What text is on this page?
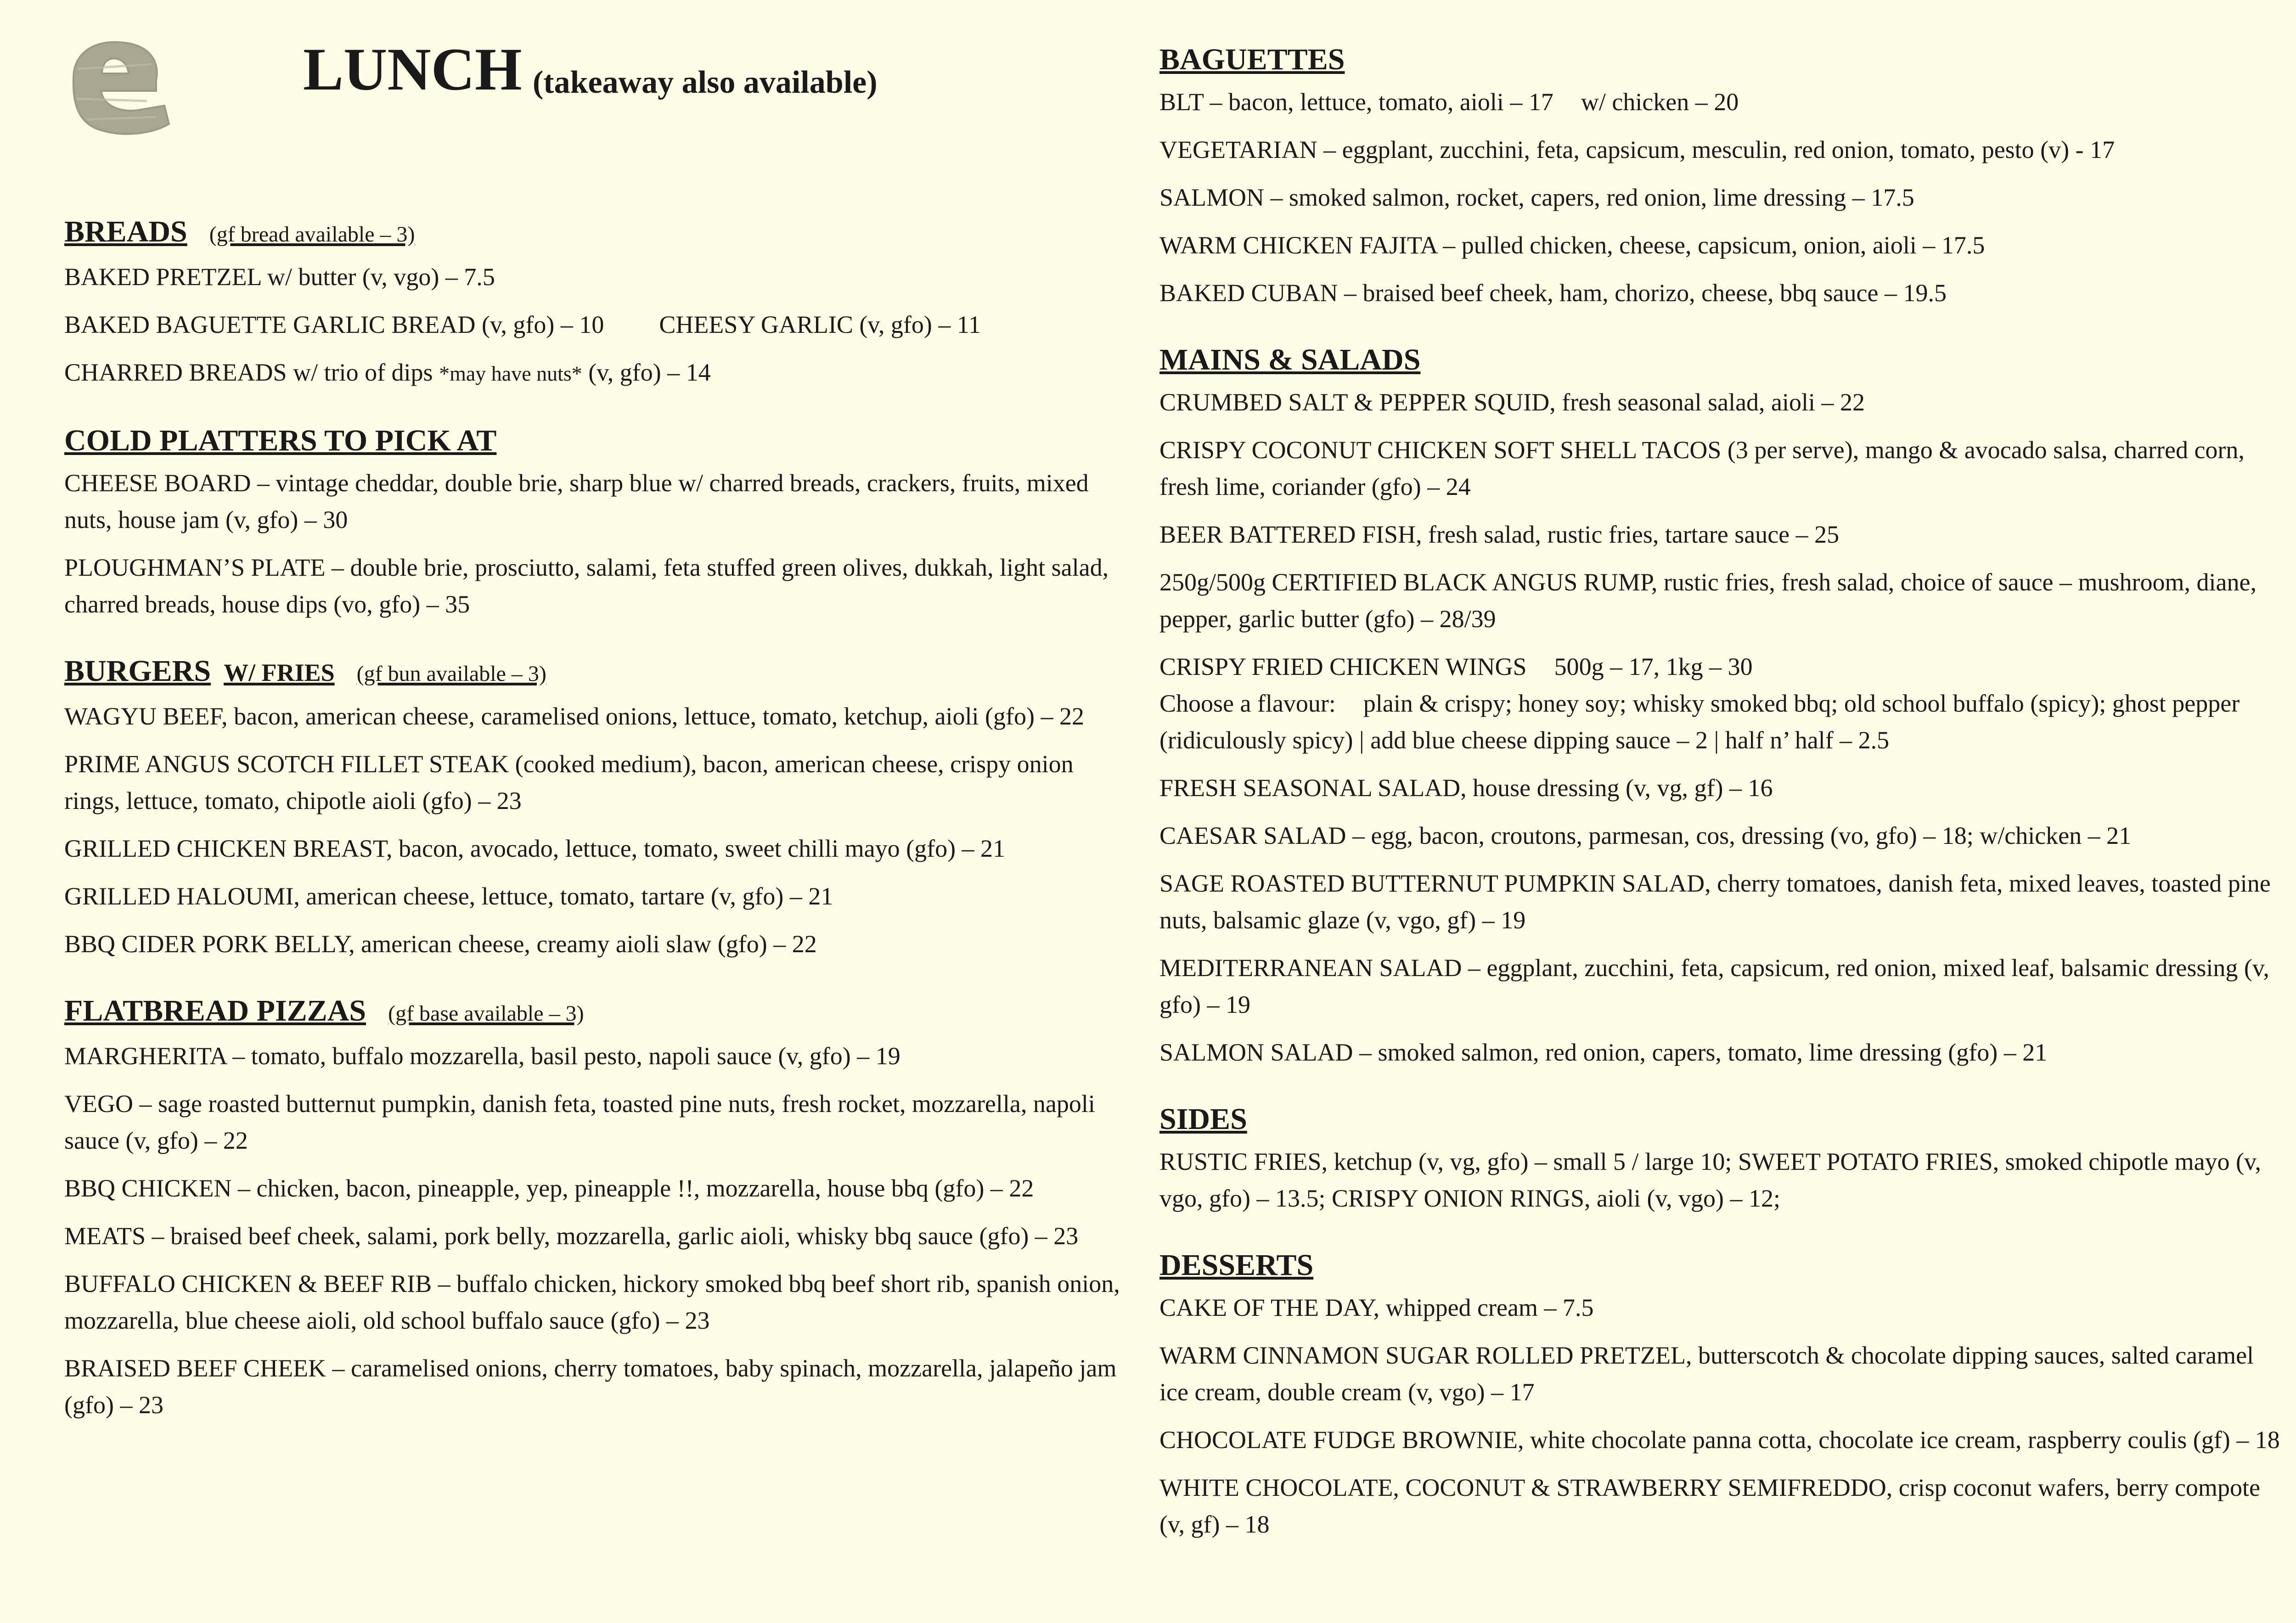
LUNCH (takeaway also available)
BREADS (gf bread available – 3)
BAKED PRETZEL w/ butter (v, vgo) – 7.5
BAKED BAGUETTE GARLIC BREAD (v, gfo) – 10 CHEESY GARLIC (v, gfo) – 11
CHARRED BREADS w/ trio of dips *may have nuts* (v, gfo) – 14
COLD PLATTERS TO PICK AT
CHEESE BOARD – vintage cheddar, double brie, sharp blue w/ charred breads, crackers, fruits, mixed nuts, house jam (v, gfo) – 30
PLOUGHMAN’S PLATE – double brie, prosciutto, salami, feta stuffed green olives, dukkah, light salad, charred breads, house dips (vo, gfo) – 35
BURGERS W/ FRIES (gf bun available – 3)
WAGYU BEEF, bacon, american cheese, caramelised onions, lettuce, tomato, ketchup, aioli (gfo) – 22
PRIME ANGUS SCOTCH FILLET STEAK (cooked medium), bacon, american cheese, crispy onion rings, lettuce, tomato, chipotle aioli (gfo) – 23
GRILLED CHICKEN BREAST, bacon, avocado, lettuce, tomato, sweet chilli mayo (gfo) – 21
GRILLED HALOUMI, american cheese, lettuce, tomato, tartare (v, gfo) – 21
BBQ CIDER PORK BELLY, american cheese, creamy aioli slaw (gfo) – 22
FLATBREAD PIZZAS (gf base available – 3)
MARGHERITA – tomato, buffalo mozzarella, basil pesto, napoli sauce (v, gfo) – 19
VEGO – sage roasted butternut pumpkin, danish feta, toasted pine nuts, fresh rocket, mozzarella, napoli sauce (v, gfo) – 22
BBQ CHICKEN – chicken, bacon, pineapple, yep, pineapple !!, mozzarella, house bbq (gfo) – 22
MEATS – braised beef cheek, salami, pork belly, mozzarella, garlic aioli, whisky bbq sauce (gfo) – 23
BUFFALO CHICKEN & BEEF RIB – buffalo chicken, hickory smoked bbq beef short rib, spanish onion, mozzarella, blue cheese aioli, old school buffalo sauce (gfo) – 23
BRAISED BEEF CHEEK – caramelised onions, cherry tomatoes, baby spinach, mozzarella, jalapeño jam (gfo) – 23
BAGUETTES
BLT – bacon, lettuce, tomato, aioli – 17 w/ chicken – 20
VEGETARIAN – eggplant, zucchini, feta, capsicum, mesculin, red onion, tomato, pesto (v) - 17
SALMON – smoked salmon, rocket, capers, red onion, lime dressing – 17.5
WARM CHICKEN FAJITA – pulled chicken, cheese, capsicum, onion, aioli – 17.5
BAKED CUBAN – braised beef cheek, ham, chorizo, cheese, bbq sauce – 19.5
MAINS & SALADS
CRUMBED SALT & PEPPER SQUID, fresh seasonal salad, aioli – 22
CRISPY COCONUT CHICKEN SOFT SHELL TACOS (3 per serve), mango & avocado salsa, charred corn, fresh lime, coriander (gfo) – 24
BEER BATTERED FISH, fresh salad, rustic fries, tartare sauce – 25
250g/500g CERTIFIED BLACK ANGUS RUMP, rustic fries, fresh salad, choice of sauce – mushroom, diane, pepper, garlic butter (gfo) – 28/39
CRISPY FRIED CHICKEN WINGS 500g – 17, 1kg – 30
Choose a flavour: plain & crispy; honey soy; whisky smoked bbq; old school buffalo (spicy); ghost pepper (ridiculously spicy) | add blue cheese dipping sauce – 2 | half n’ half – 2.5
FRESH SEASONAL SALAD, house dressing (v, vg, gf) – 16
CAESAR SALAD – egg, bacon, croutons, parmesan, cos, dressing (vo, gfo) – 18; w/chicken – 21
SAGE ROASTED BUTTERNUT PUMPKIN SALAD, cherry tomatoes, danish feta, mixed leaves, toasted pine nuts, balsamic glaze (v, vgo, gf) – 19
MEDITERRANEAN SALAD – eggplant, zucchini, feta, capsicum, red onion, mixed leaf, balsamic dressing (v, gfo) – 19
SALMON SALAD – smoked salmon, red onion, capers, tomato, lime dressing (gfo) – 21
SIDES
RUSTIC FRIES, ketchup (v, vg, gfo) – small 5 / large 10; SWEET POTATO FRIES, smoked chipotle mayo (v, vgo, gfo) – 13.5; CRISPY ONION RINGS, aioli (v, vgo) – 12;
DESSERTS
CAKE OF THE DAY, whipped cream – 7.5
WARM CINNAMON SUGAR ROLLED PRETZEL, butterscotch & chocolate dipping sauces, salted caramel ice cream, double cream (v, vgo) – 17
CHOCOLATE FUDGE BROWNIE, white chocolate panna cotta, chocolate ice cream, raspberry coulis (gf) – 18
WHITE CHOCOLATE, COCONUT & STRAWBERRY SEMIFREDDO, crisp coconut wafers, berry compote (v, gf) – 18
